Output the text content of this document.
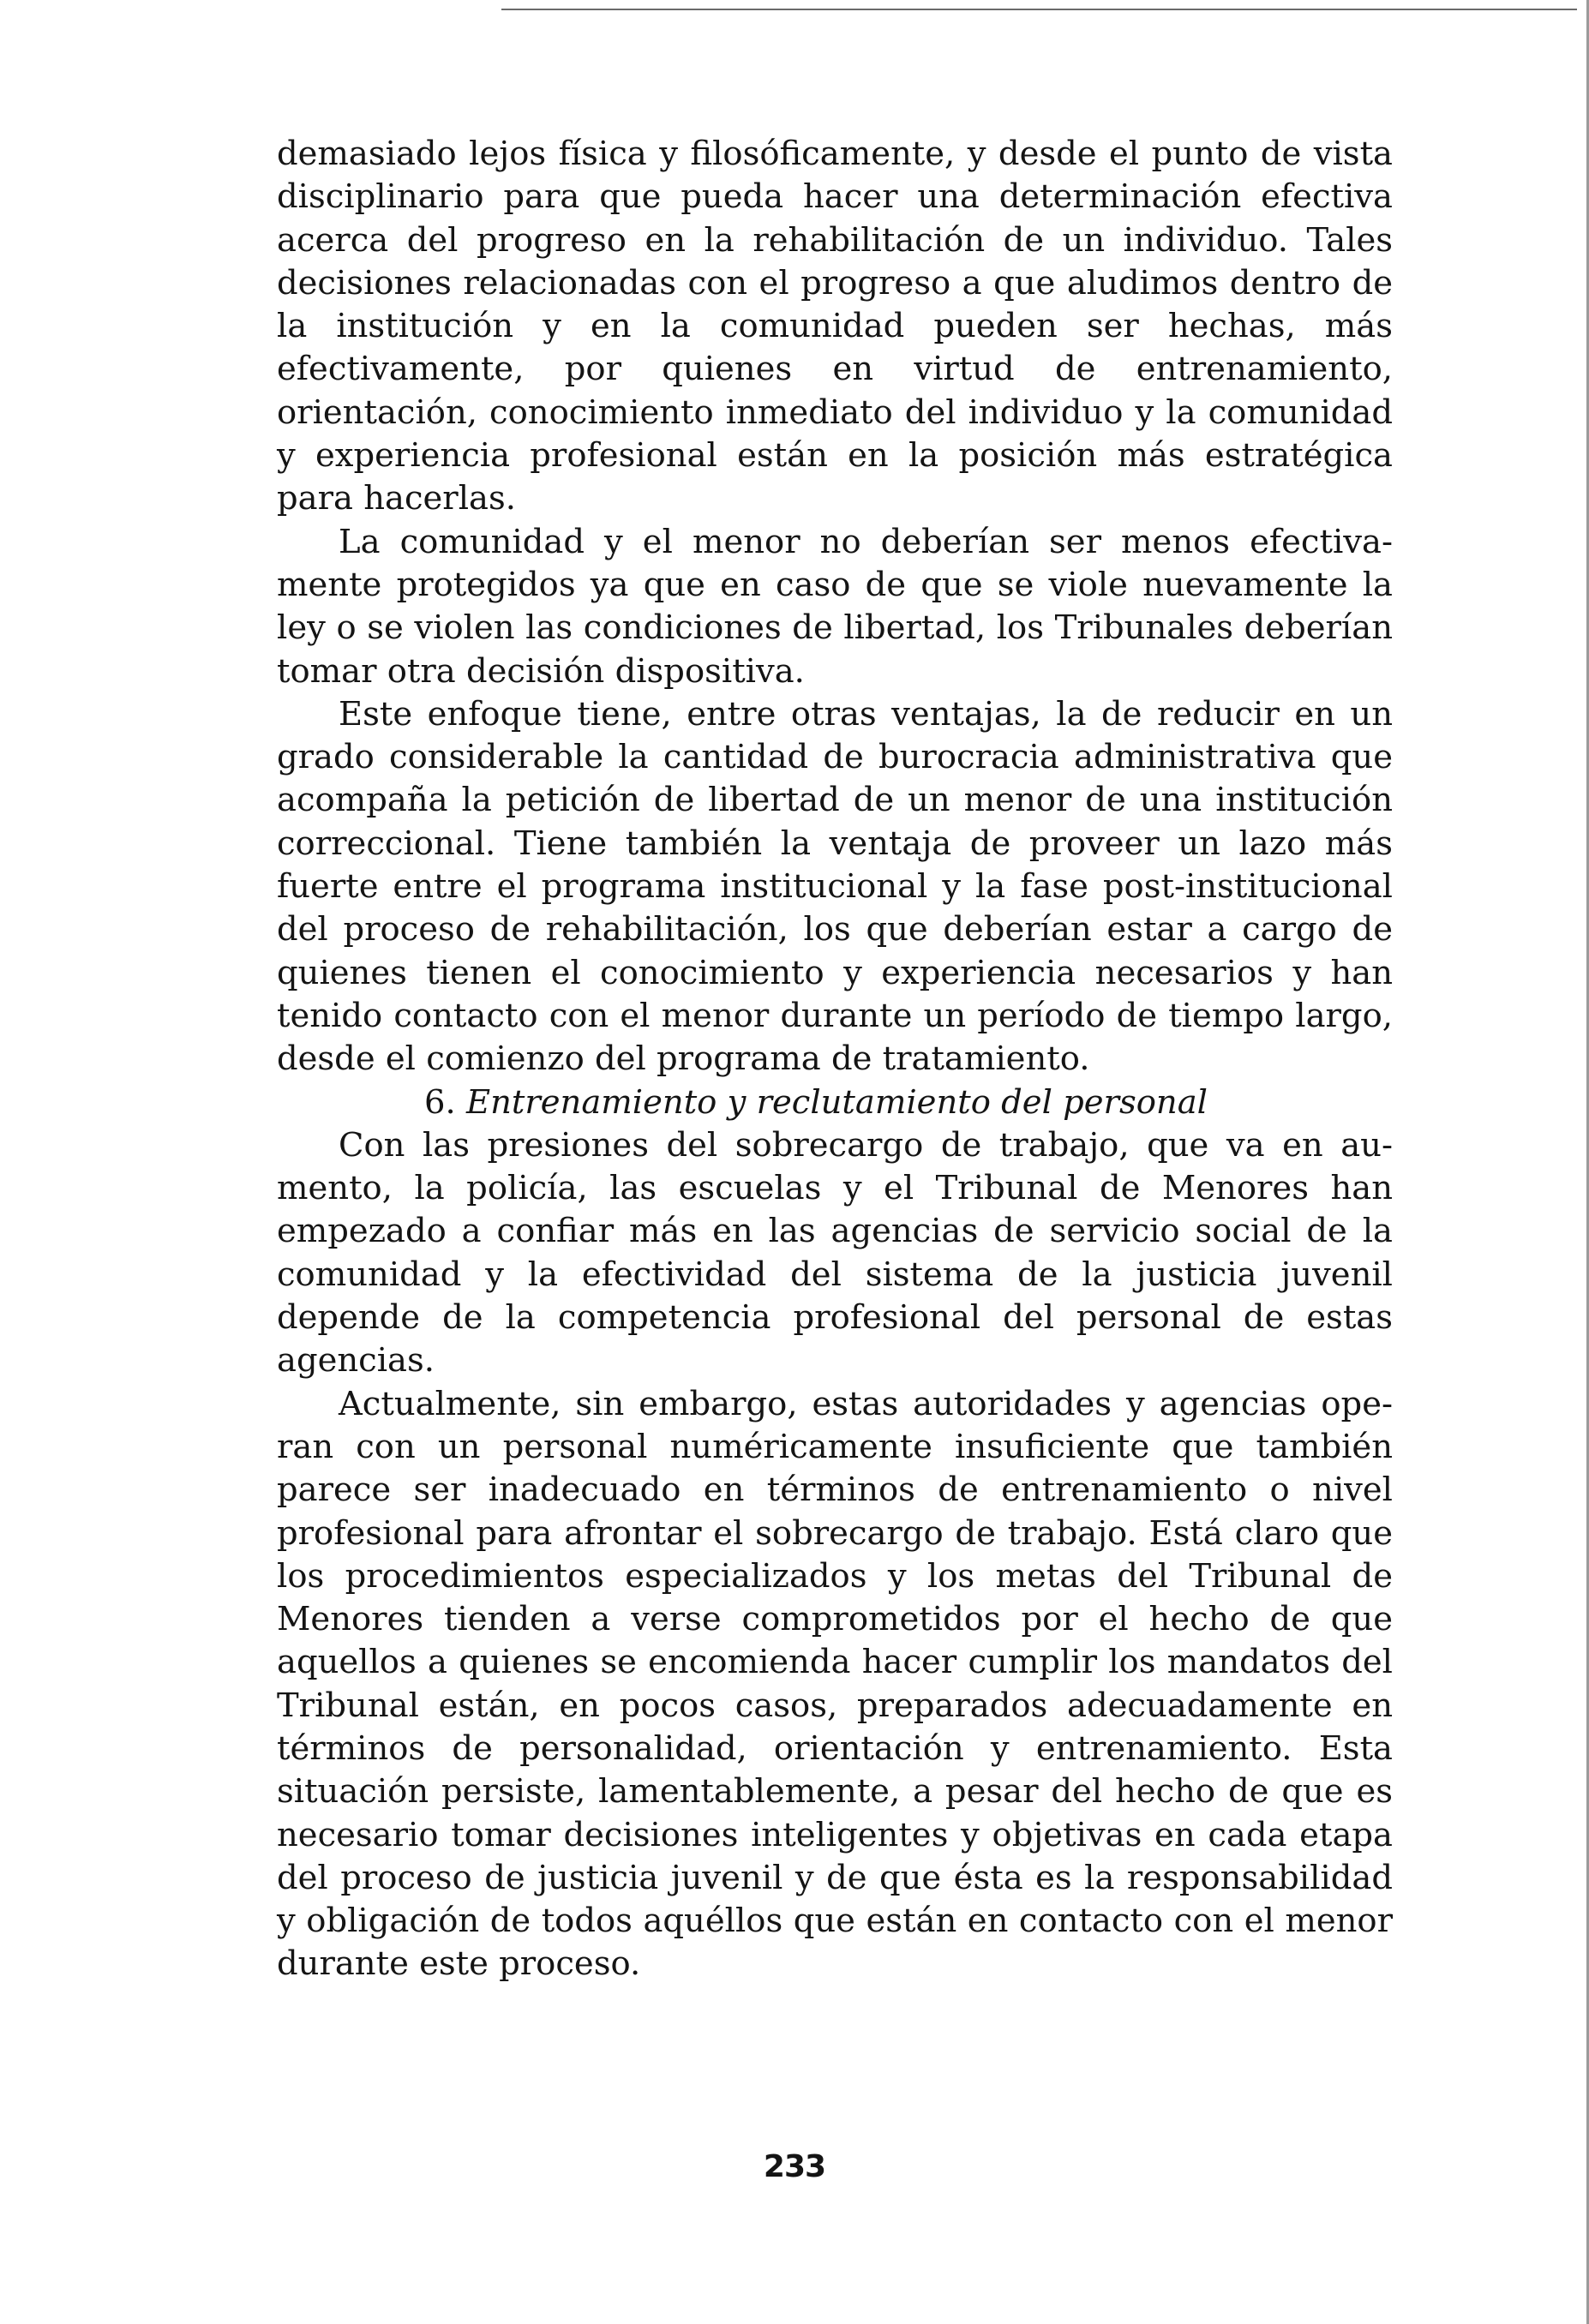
demasiado lejos física y filosóficamente, y desde el punto de vista disciplinario para que pueda hacer una determinación efectiva acerca del progreso en la rehabilitación de un individuo. Tales decisiones relacionadas con el progreso a que aludimos dentro de la institución y en la comunidad pueden ser hechas, más efectivamente, por quienes en virtud de entrenamiento, orientación, conocimiento inmediato del individuo y la comunidad y experiencia profesional están en la posición más estratégica para hacerlas.

La comunidad y el menor no deberían ser menos efectivamente protegidos ya que en caso de que se viole nuevamente la ley o se violen las condiciones de libertad, los Tribunales deberían tomar otra decisión dispositiva.

Este enfoque tiene, entre otras ventajas, la de reducir en un grado considerable la cantidad de burocracia administrativa que acompaña la petición de libertad de un menor de una institución correccional. Tiene también la ventaja de proveer un lazo más fuerte entre el programa institucional y la fase post-institucional del proceso de rehabilitación, los que deberían estar a cargo de quienes tienen el conocimiento y experiencia necesarios y han tenido contacto con el menor durante un período de tiempo largo, desde el comienzo del programa de tratamiento.

6. Entrenamiento y reclutamiento del personal

Con las presiones del sobrecargo de trabajo, que va en aumento, la policía, las escuelas y el Tribunal de Menores han empezado a confiar más en las agencias de servicio social de la comunidad y la efectividad del sistema de la justicia juvenil depende de la competencia profesional del personal de estas agencias.

Actualmente, sin embargo, estas autoridades y agencias operan con un personal numéricamente insuficiente que también parece ser inadecuado en términos de entrenamiento o nivel profesional para afrontar el sobrecargo de trabajo. Está claro que los procedimientos especializados y los metas del Tribunal de Menores tienden a verse comprometidos por el hecho de que aquellos a quienes se encomienda hacer cumplir los mandatos del Tribunal están, en pocos casos, preparados adecuadamente en términos de personalidad, orientación y entrenamiento. Esta situación persiste, lamentablemente, a pesar del hecho de que es necesario tomar decisiones inteligentes y objetivas en cada etapa del proceso de justicia juvenil y de que ésta es la responsabilidad y obligación de todos aquéllos que están en contacto con el menor durante este proceso.

233
